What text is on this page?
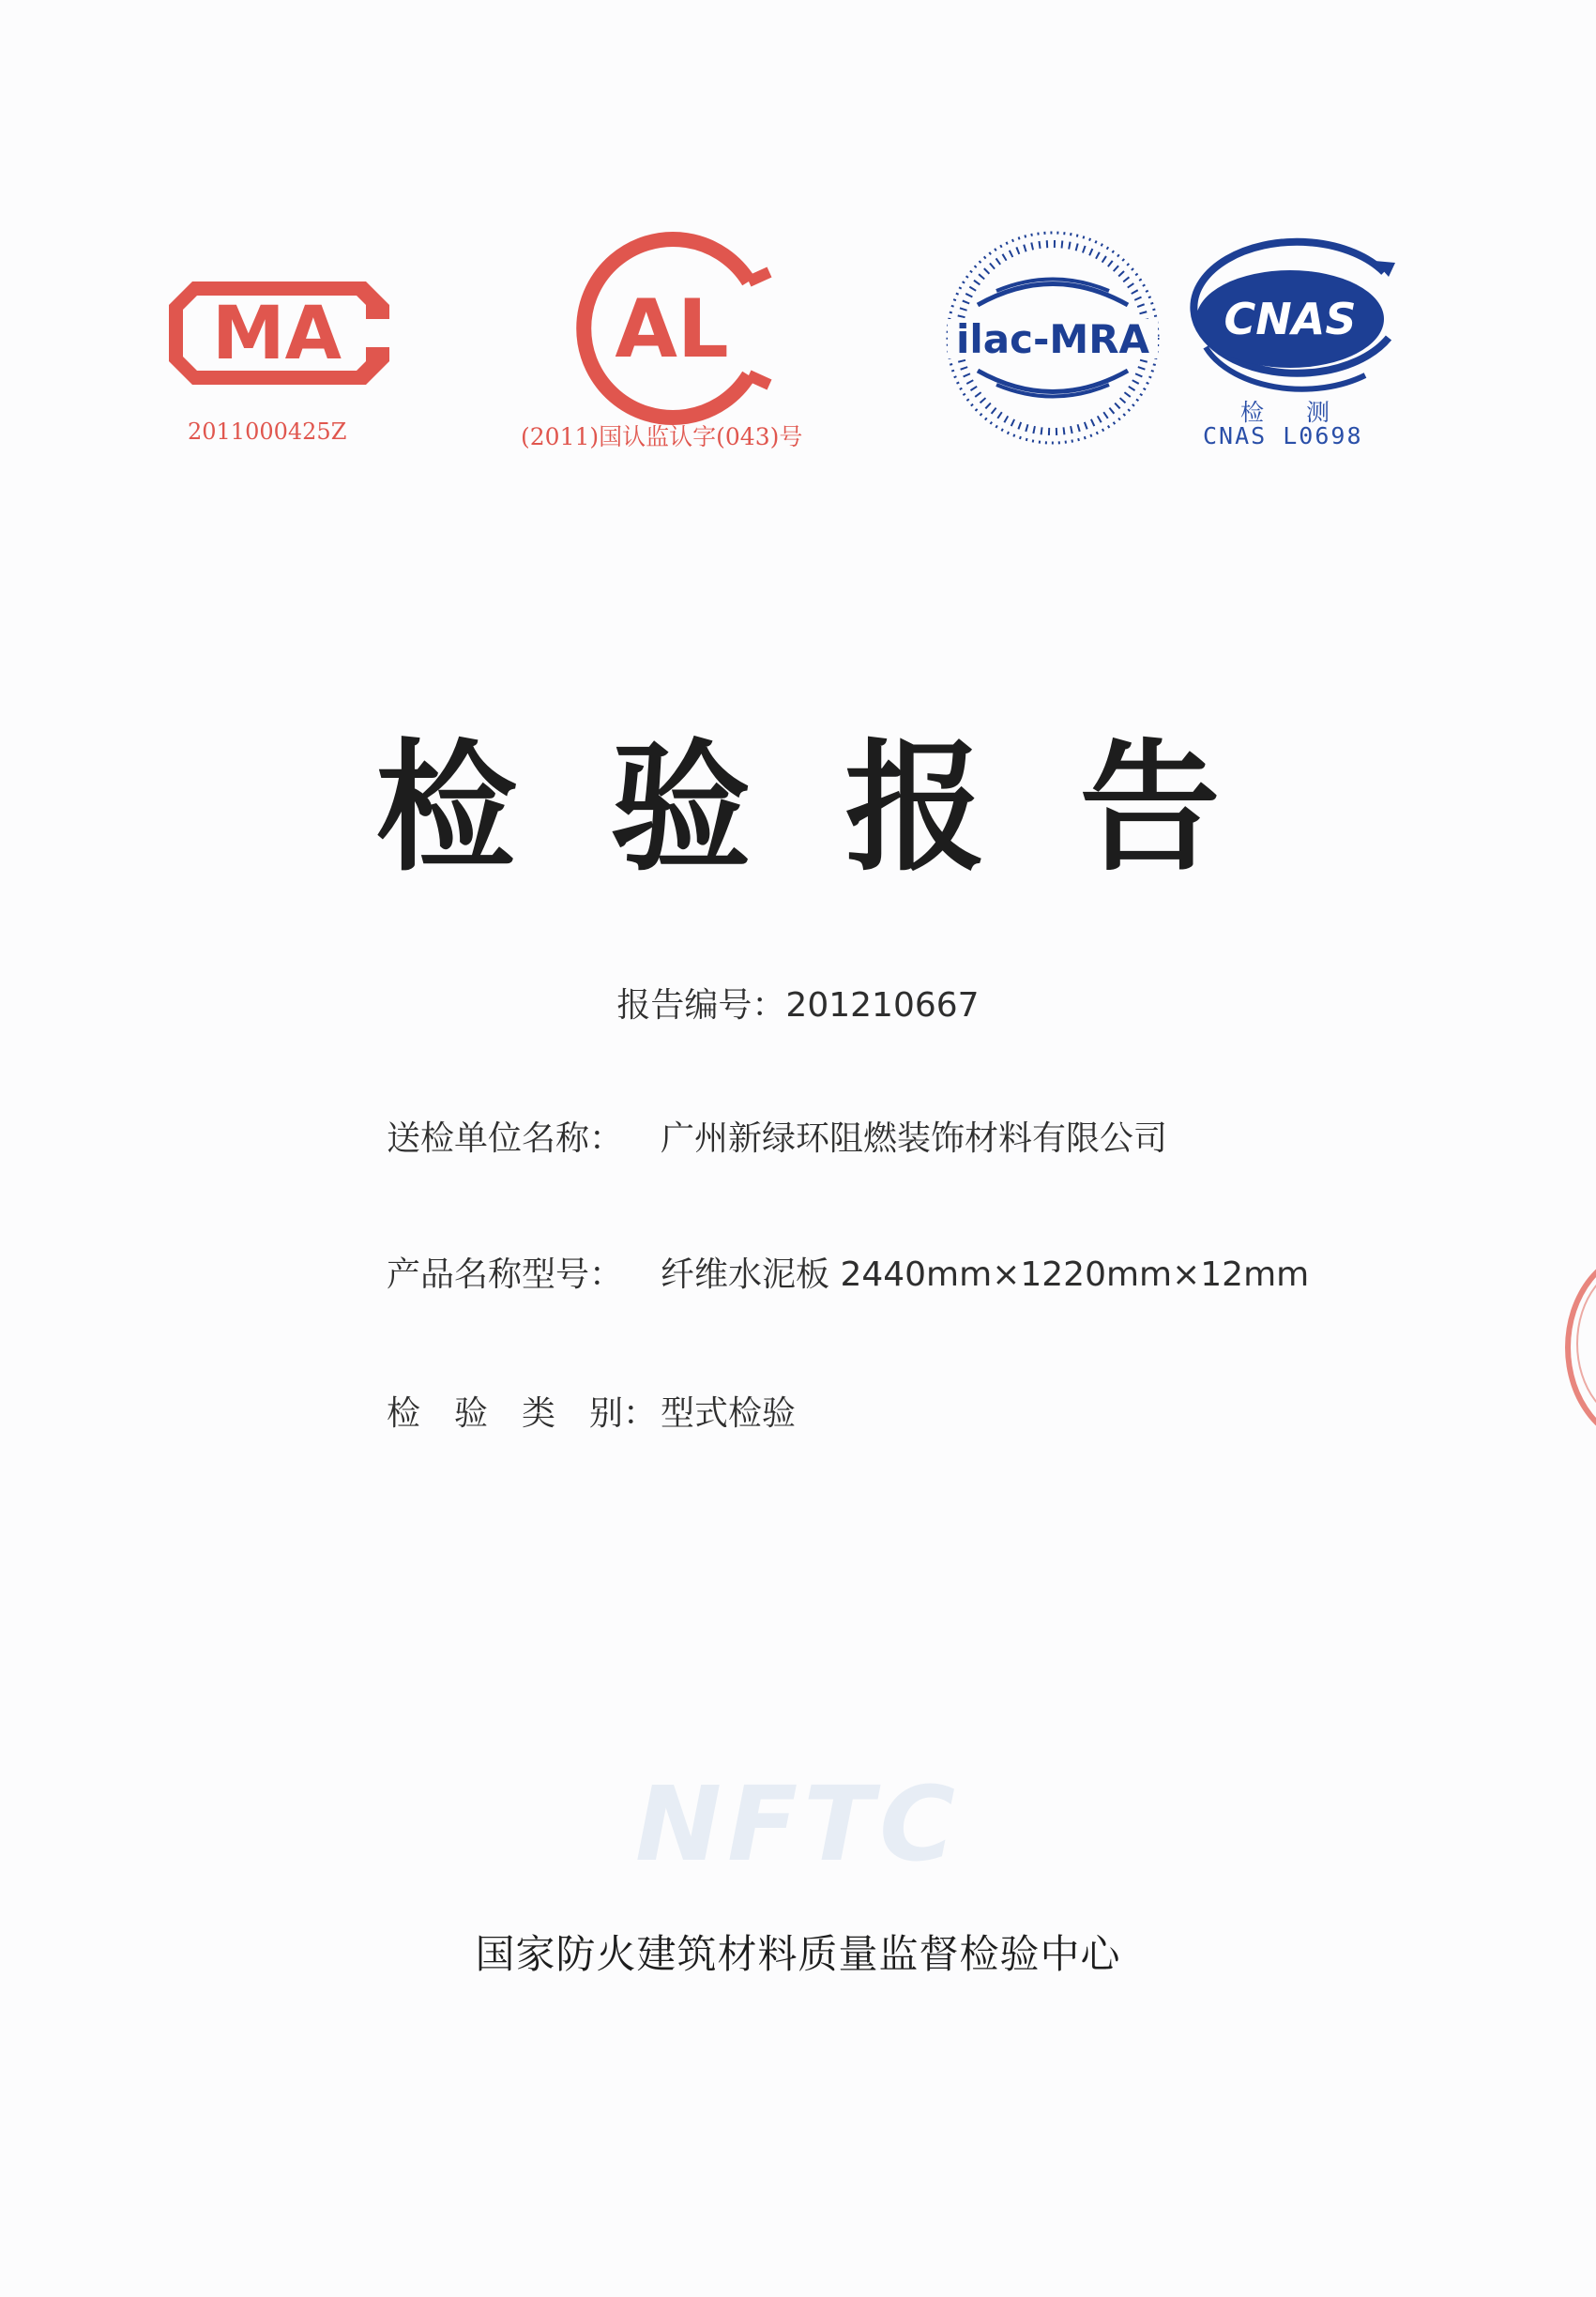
MA
2011000425Z
AL
(2011)国认监认字(043)号
ilac-MRA CNAS
检　测
CNAS L0698
检验报告
报告编号：201210667
送检单位名称： 广州新绿环阻燃装饰材料有限公司
产品名称型号： 纤维水泥板 2440mm×1220mm×12mm
检　验　类　别： 型式检验
NFTC
国家防火建筑材料质量监督检验中心
